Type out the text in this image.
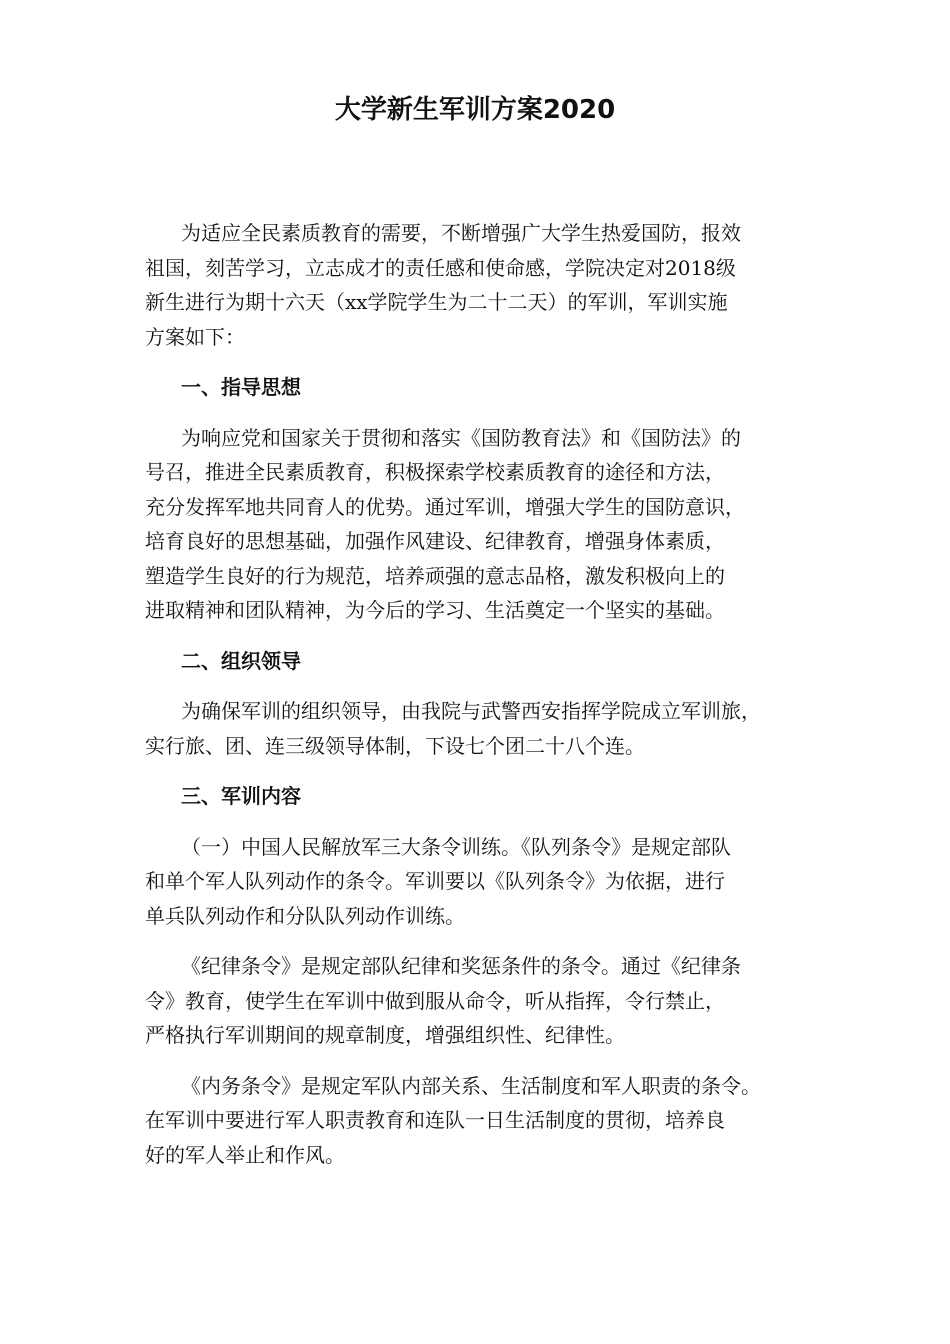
大学新生军训方案2020

为适应全民素质教育的需要，不断增强广大学生热爱国防，报效
祖国，刻苦学习，立志成才的责任感和使命感，学院决定对2018级
新生进行为期十六天（xx学院学生为二十二天）的军训，军训实施
方案如下：

一、指导思想

为响应党和国家关于贯彻和落实《国防教育法》和《国防法》的
号召，推进全民素质教育，积极探索学校素质教育的途径和方法，
充分发挥军地共同育人的优势。通过军训，增强大学生的国防意识，
培育良好的思想基础，加强作风建设、纪律教育，增强身体素质，
塑造学生良好的行为规范，培养顽强的意志品格，激发积极向上的
进取精神和团队精神，为今后的学习、生活奠定一个坚实的基础。

二、组织领导

为确保军训的组织领导，由我院与武警西安指挥学院成立军训旅，
实行旅、团、连三级领导体制，下设七个团二十八个连。

三、军训内容

（一）中国人民解放军三大条令训练。《队列条令》是规定部队
和单个军人队列动作的条令。军训要以《队列条令》为依据，进行
单兵队列动作和分队队列动作训练。

《纪律条令》是规定部队纪律和奖惩条件的条令。通过《纪律条
令》教育，使学生在军训中做到服从命令，听从指挥，令行禁止，
严格执行军训期间的规章制度，增强组织性、纪律性。

《内务条令》是规定军队内部关系、生活制度和军人职责的条令。
在军训中要进行军人职责教育和连队一日生活制度的贯彻，培养良
好的军人举止和作风。
